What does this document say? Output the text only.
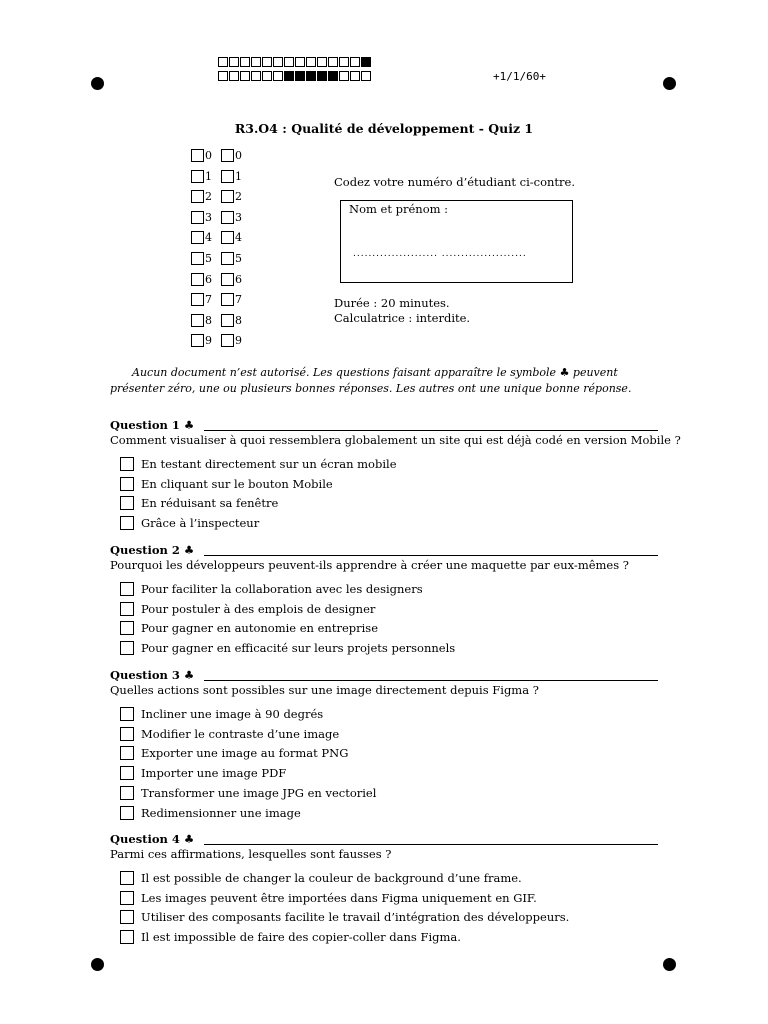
+1/1/60+
R3.O4 : Qualité de développement - Quiz 1
0 0
1 1
2 2
3 3
4 4
5 5
6 6
7 7
8 8
9 9
Codez votre numéro d’étudiant ci-contre.
Nom et prénom :
...................... ......................
Durée : 20 minutes.
Calculatrice : interdite.
Aucun document n’est autorisé. Les questions faisant apparaître le symbole ♣ peuvent présenter zéro, une ou plusieurs bonnes réponses. Les autres ont une unique bonne réponse.
Question 1 ♣
Comment visualiser à quoi ressemblera globalement un site qui est déjà codé en version Mobile ?
En testant directement sur un écran mobile
En cliquant sur le bouton Mobile
En réduisant sa fenêtre
Grâce à l’inspecteur
Question 2 ♣
Pourquoi les développeurs peuvent-ils apprendre à créer une maquette par eux-mêmes ?
Pour faciliter la collaboration avec les designers
Pour postuler à des emplois de designer
Pour gagner en autonomie en entreprise
Pour gagner en efficacité sur leurs projets personnels
Question 3 ♣
Quelles actions sont possibles sur une image directement depuis Figma ?
Incliner une image à 90 degrés
Modifier le contraste d’une image
Exporter une image au format PNG
Importer une image PDF
Transformer une image JPG en vectoriel
Redimensionner une image
Question 4 ♣
Parmi ces affirmations, lesquelles sont fausses ?
Il est possible de changer la couleur de background d’une frame.
Les images peuvent être importées dans Figma uniquement en GIF.
Utiliser des composants facilite le travail d’intégration des développeurs.
Il est impossible de faire des copier-coller dans Figma.
